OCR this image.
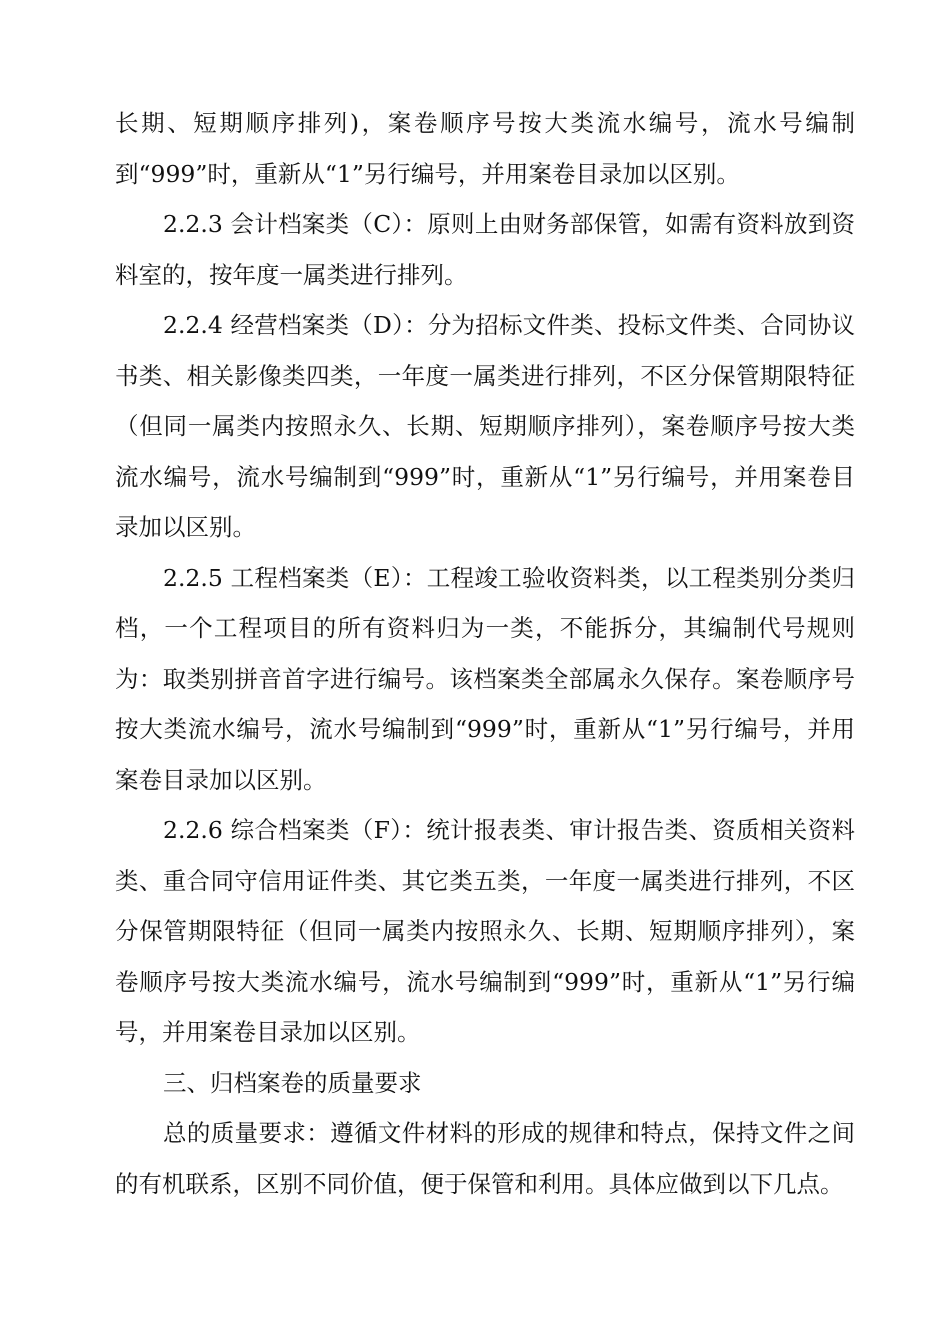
长期、短期顺序排列)，案卷顺序号按大类流水编号，流水号编制到“999”时，重新从“1”另行编号，并用案卷目录加以区别。

2.2.3 会计档案类（C）：原则上由财务部保管，如需有资料放到资料室的，按年度一属类进行排列。

2.2.4 经营档案类（D）：分为招标文件类、投标文件类、合同协议书类、相关影像类四类，一年度一属类进行排列，不区分保管期限特征（但同一属类内按照永久、长期、短期顺序排列），案卷顺序号按大类流水编号，流水号编制到“999”时，重新从“1”另行编号，并用案卷目录加以区别。

2.2.5 工程档案类（E）：工程竣工验收资料类，以工程类别分类归档，一个工程项目的所有资料归为一类，不能拆分，其编制代号规则为：取类别拼音首字进行编号。该档案类全部属永久保存。案卷顺序号按大类流水编号，流水号编制到“999”时，重新从“1”另行编号，并用案卷目录加以区别。

2.2.6 综合档案类（F）：统计报表类、审计报告类、资质相关资料类、重合同守信用证件类、其它类五类，一年度一属类进行排列，不区分保管期限特征（但同一属类内按照永久、长期、短期顺序排列），案卷顺序号按大类流水编号，流水号编制到“999”时，重新从“1”另行编号，并用案卷目录加以区别。

三、归档案卷的质量要求

总的质量要求：遵循文件材料的形成的规律和特点，保持文件之间的有机联系，区别不同价值，便于保管和利用。具体应做到以下几点。
